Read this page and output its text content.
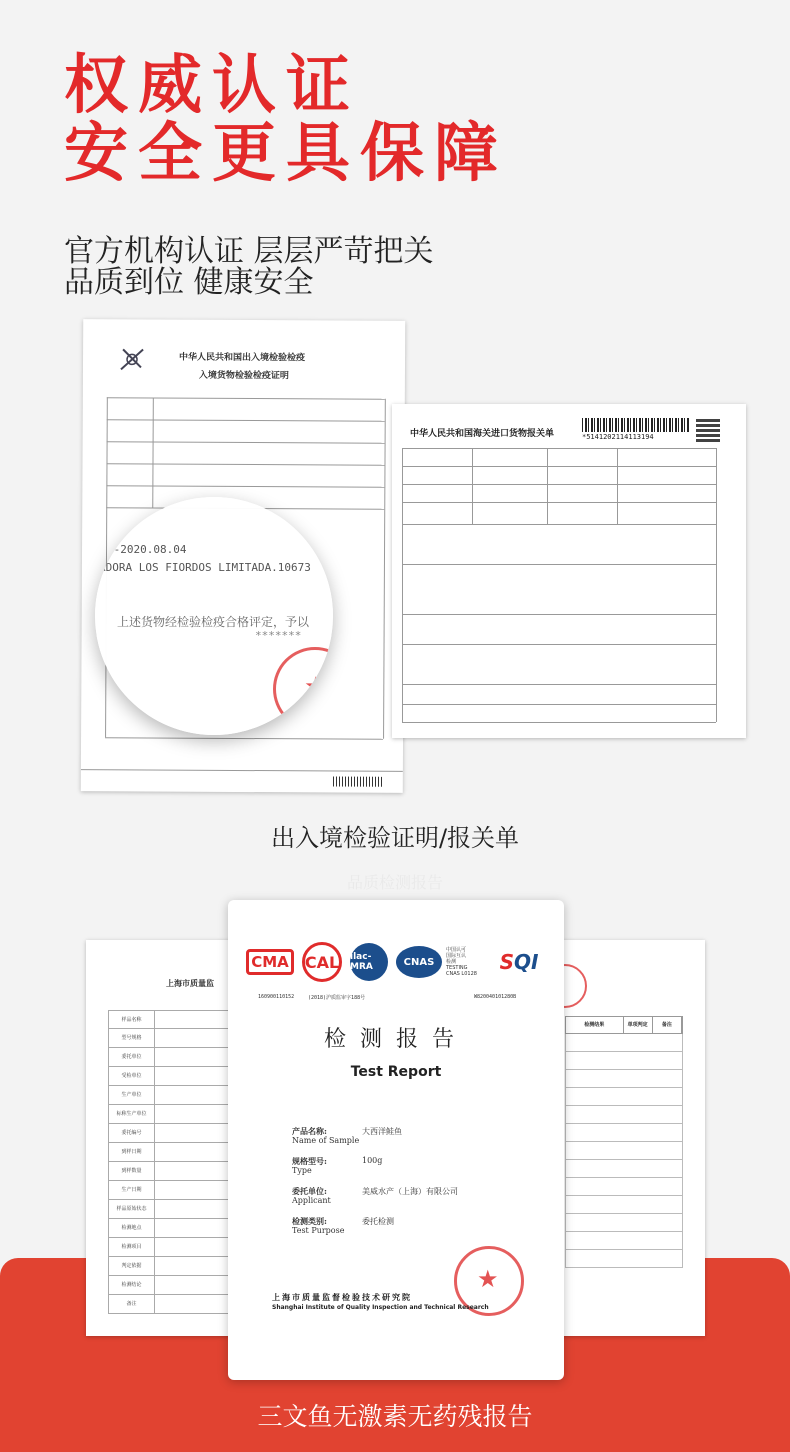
权威认证
安全更具保障
官方机构认证 层层严苛把关
品质到位 健康安全
中华人民共和国出入境检验检疫
入境货物检验检疫证明
1-2020.08.04
ADORA LOS FIORDOS LIMITADA.10673
上述货物经检验检疫合格评定，予以
*******
★
中华人民共和国海关进口货物报关单	*5141202114113194
出入境检验证明/报关单
品质检测报告
上海市质量监
样品名称
型号规格
委托单位
受检单位
生产单位
标称生产单位
委托编号
到样日期
到样数量
生产日期
样品原始状态
检测地点
检测项目
判定依据
检测结论
备注
检测结果	单项判定	备注
CMA	CAL	ilac-MRA	CNAS
中国认可
国际互认
检测
TESTING
CNAS L0128 S QI
160900110152	(2018)沪质监审字188号	W820040101280B
检测报告
Test Report
产品名称:
Name of Sample
大西洋鲑鱼
规格型号:
Type
100g
委托单位:
Applicant
美威水产（上海）有限公司
检测类别:
Test Purpose
委托检测
★
上海市质量监督检验技术研究院
Shanghai Institute of Quality Inspection and Technical Research
三文鱼无激素无药残报告
